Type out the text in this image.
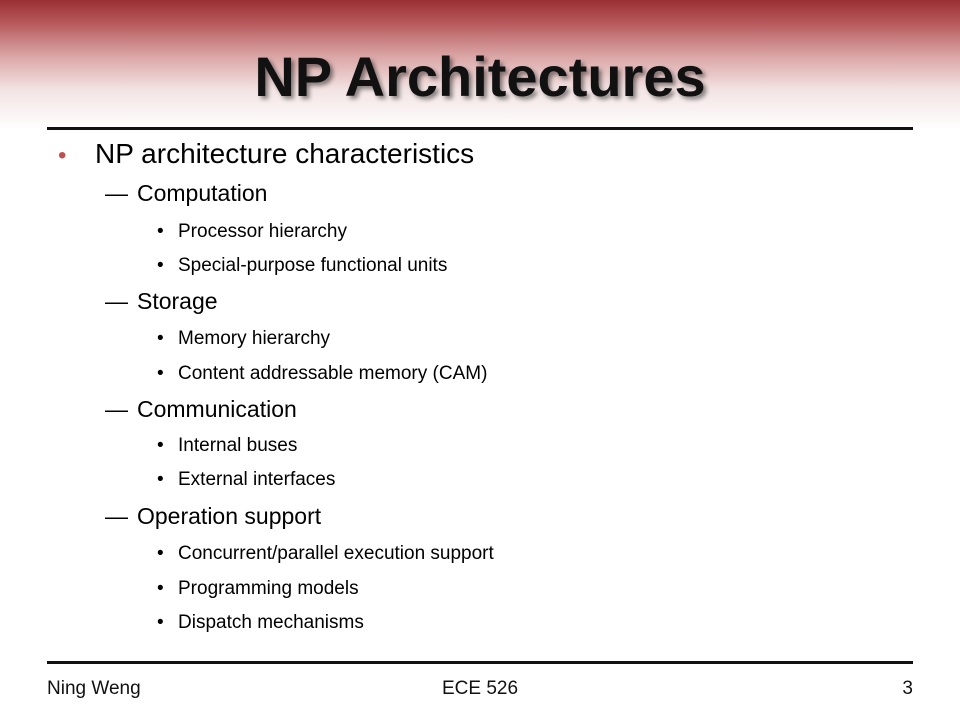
NP Architectures
• NP architecture characteristics
— Computation
• Processor hierarchy
• Special-purpose functional units
— Storage
• Memory hierarchy
• Content addressable memory (CAM)
— Communication
• Internal buses
• External interfaces
— Operation support
• Concurrent/parallel execution support
• Programming models
• Dispatch mechanisms
Ning Weng	ECE 526	3
